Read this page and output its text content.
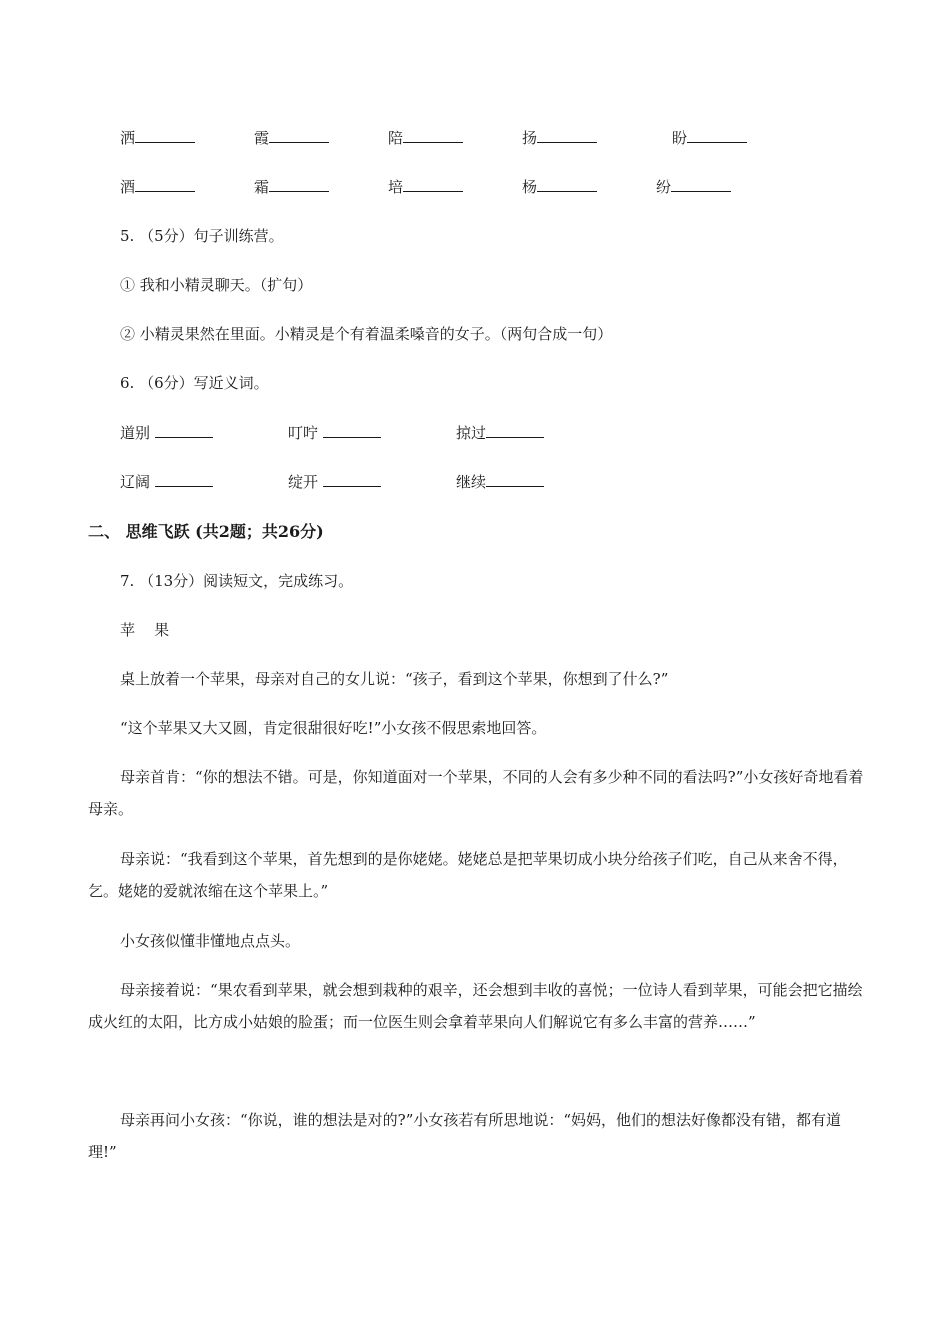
洒	霞	陪	扬	盼
酒	霜	培	杨	纷
5. （5分）句子训练营。
① 我和小精灵聊天。（扩句）
② 小精灵果然在里面。小精灵是个有着温柔嗓音的女子。（两句合成一句）
6. （6分）写近义词。
道别	叮咛	掠过
辽阔	绽开	继续
二、 思维飞跃 (共2题；共26分)
7. （13分）阅读短文，完成练习。
苹    果
桌上放着一个苹果，母亲对自己的女儿说：“孩子，看到这个苹果，你想到了什么?”
“这个苹果又大又圆，肯定很甜很好吃!”小女孩不假思索地回答。
母亲首肯：“你的想法不错。可是，你知道面对一个苹果，不同的人会有多少种不同的看法吗?”小女孩好奇地看着母亲。
母亲说：“我看到这个苹果，首先想到的是你姥姥。姥姥总是把苹果切成小块分给孩子们吃，自己从来舍不得，乞。姥姥的爱就浓缩在这个苹果上。”
小女孩似懂非懂地点点头。
母亲接着说：“果农看到苹果，就会想到栽种的艰辛，还会想到丰收的喜悦；一位诗人看到苹果，可能会把它描绘成火红的太阳，比方成小姑娘的脸蛋；而一位医生则会拿着苹果向人们解说它有多么丰富的营养……”
母亲再问小女孩：“你说，谁的想法是对的?”小女孩若有所思地说：“妈妈，他们的想法好像都没有错，都有道理!”
